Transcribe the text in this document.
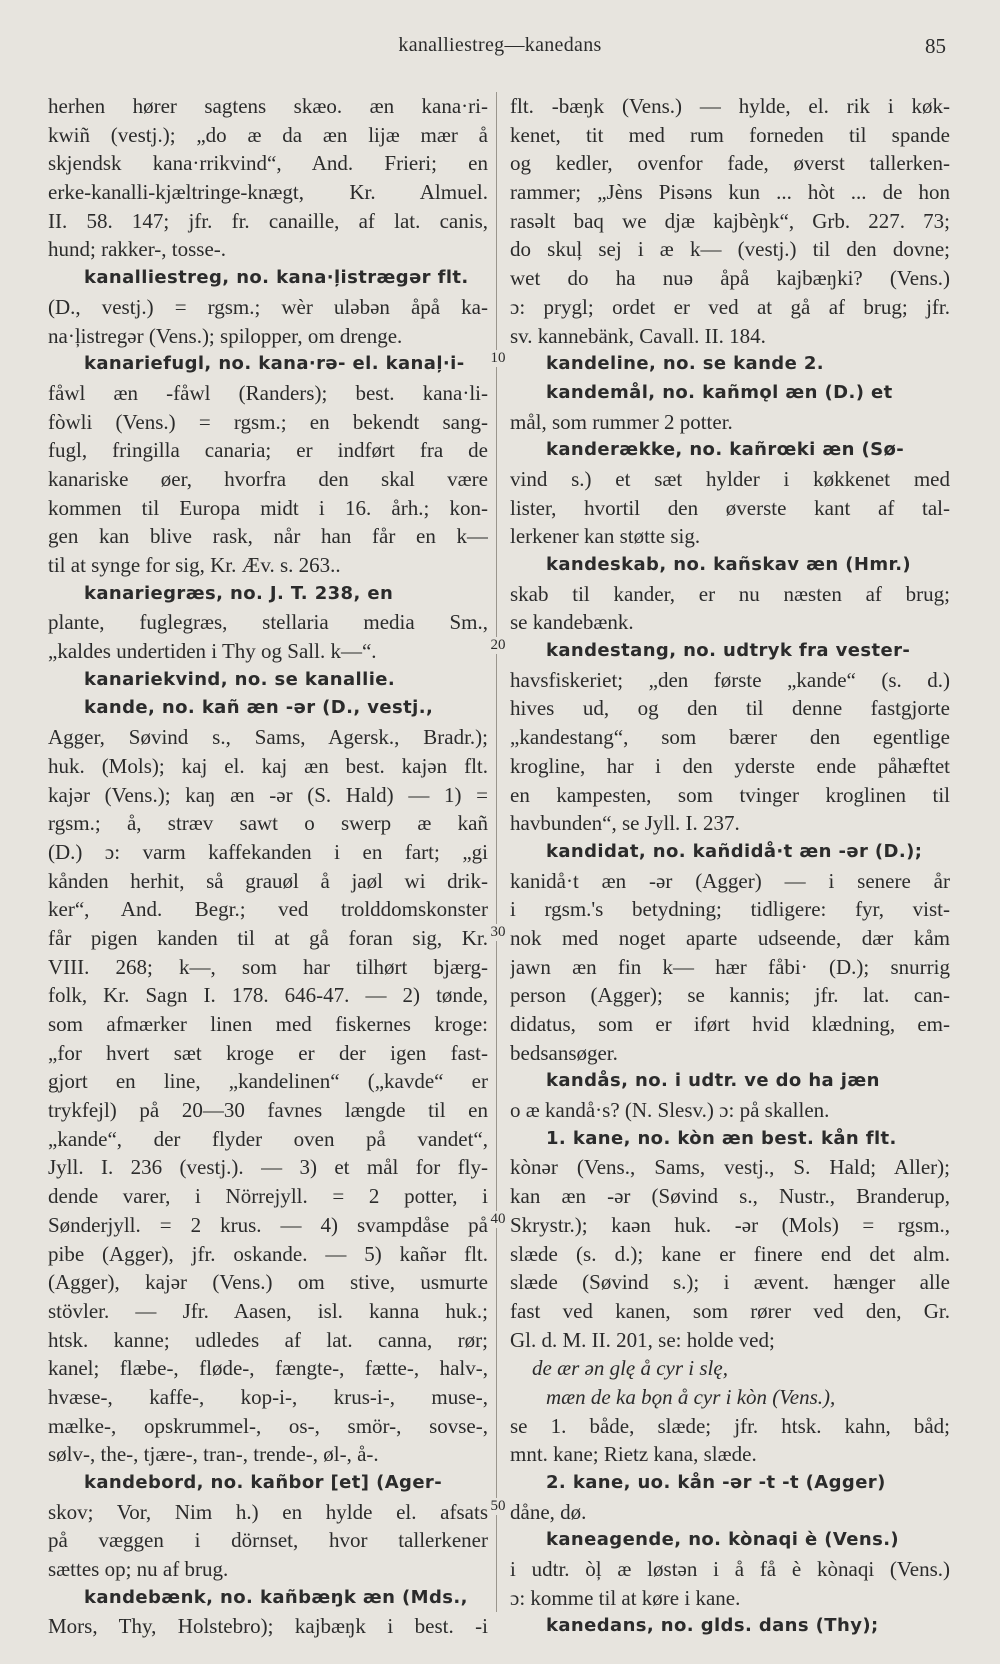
kanalliestreg—kanedans	85
10
20
30
40
50
herhen hører sagtens skæo. æn kana·ri-
kwiñ (vestj.); „do æ da æn lijæ mær å
skjendsk kana·rrikvind“, And. Frieri; en
erke-kanalli-kjæltringe-knægt, Kr. Almuel.
II. 58. 147; jfr. fr. canaille, af lat. canis,
hund; rakker-, tosse-.
kanalliestreg, no. kana·ļistrægər flt.
(D., vestj.) = rgsm.; wèr uləbən åpå ka-
na·ļistregər (Vens.); spilopper, om drenge.
kanariefugl, no. kana·rə- el. kanaļ·i-
fåwl æn -fåwl (Randers); best. kana·li-
fòwli (Vens.) = rgsm.; en bekendt sang-
fugl, fringilla canaria; er indført fra de
kanariske øer, hvorfra den skal være
kommen til Europa midt i 16. årh.; kon-
gen kan blive rask, når han får en k—
til at synge for sig, Kr. Æv. s. 263..
kanariegræs, no. J. T. 238, en
plante, fuglegræs, stellaria media Sm.,
„kaldes undertiden i Thy og Sall. k—“.
kanariekvind, no. se kanallie.
kande, no. kañ æn -ər (D., vestj.,
Agger, Søvind s., Sams, Agersk., Bradr.);
huk. (Mols); kaj el. kaj æn best. kajən flt.
kajər (Vens.); kaŋ æn -ər (S. Hald) — 1) =
rgsm.; å, stræv sawt o swerp æ kañ
(D.) ɔ: varm kaffekanden i en fart; „gi
kånden herhit, så grauøl å jaøl wi drik-
ker“, And. Begr.; ved trolddomskonster
får pigen kanden til at gå foran sig, Kr.
VIII. 268; k—, som har tilhørt bjærg-
folk, Kr. Sagn I. 178. 646-47. — 2) tønde,
som afmærker linen med fiskernes kroge:
„for hvert sæt kroge er der igen fast-
gjort en line, „kandelinen“ („kavde“ er
trykfejl) på 20—30 favnes længde til en
„kande“, der flyder oven på vandet“,
Jyll. I. 236 (vestj.). — 3) et mål for fly-
dende varer, i Nörrejyll. = 2 potter, i
Sønderjyll. = 2 krus. — 4) svampdåse på
pibe (Agger), jfr. oskande. — 5) kañər flt.
(Agger), kajər (Vens.) om stive, usmurte
stövler. — Jfr. Aasen, isl. kanna huk.;
htsk. kanne; udledes af lat. canna, rør;
kanel; flæbe-, fløde-, fængte-, fætte-, halv-,
hvæse-, kaffe-, kop-i-, krus-i-, muse-,
mælke-, opskrummel-, os-, smör-, sovse-,
sølv-, the-, tjære-, tran-, trende-, øl-, å-.
kandebord, no. kañbor [et] (Ager-
skov; Vor, Nim h.) en hylde el. afsats
på væggen i dörnset, hvor tallerkener
sættes op; nu af brug.
kandebænk, no. kañbæŋk æn (Mds.,
Mors, Thy, Holstebro); kajbæŋk i best. -i
flt. -bæŋk (Vens.) — hylde, el. rik i køk-
kenet, tit med rum forneden til spande
og kedler, ovenfor fade, øverst tallerken-
rammer; „Jèns Pisəns kun ... hòt ... de hon
rasəlt baq we djæ kajbèŋk“, Grb. 227. 73;
do skuļ sej i æ k— (vestj.) til den dovne;
wet do ha nuə åpå kajbæŋki? (Vens.)
ɔ: prygl; ordet er ved at gå af brug; jfr.
sv. kannebänk, Cavall. II. 184.
kandeline, no. se kande 2.
kandemål, no. kañmǫl æn (D.) et
mål, som rummer 2 potter.
kanderække, no. kañrœki æn (Sø-
vind s.) et sæt hylder i køkkenet med
lister, hvortil den øverste kant af tal-
lerkener kan støtte sig.
kandeskab, no. kañskav æn (Hmr.)
skab til kander, er nu næsten af brug;
se kandebænk.
kandestang, no. udtryk fra vester-
havsfiskeriet; „den første „kande“ (s. d.)
hives ud, og den til denne fastgjorte
„kandestang“, som bærer den egentlige
krogline, har i den yderste ende påhæftet
en kampesten, som tvinger kroglinen til
havbunden“, se Jyll. I. 237.
kandidat, no. kañdidå·t æn -ər (D.);
kanidå·t æn -ər (Agger) — i senere år
i rgsm.'s betydning; tidligere: fyr, vist-
nok med noget aparte udseende, dær kåm
jawn æn fin k— hær fåbi· (D.); snurrig
person (Agger); se kannis; jfr. lat. can-
didatus, som er iført hvid klædning, em-
bedsansøger.
kandås, no. i udtr. ve do ha jæn
o æ kandå·s? (N. Slesv.) ɔ: på skallen.
1. kane, no. kòn æn best. kån flt.
kònər (Vens., Sams, vestj., S. Hald; Aller);
kan æn -ər (Søvind s., Nustr., Branderup,
Skrystr.); kaən huk. -ər (Mols) = rgsm.,
slæde (s. d.); kane er finere end det alm.
slæde (Søvind s.); i ævent. hænger alle
fast ved kanen, som rører ved den, Gr.
Gl. d. M. II. 201, se: holde ved;
de ær ən glę å cyr i slę,
mæn de ka bǫn å cyr i kòn (Vens.),
se 1. både, slæde; jfr. htsk. kahn, båd;
mnt. kane; Rietz kana, slæde.
2. kane, uo. kån -ər -t -t (Agger)
dåne, dø.
kaneagende, no. kònaqi è (Vens.)
i udtr. òļ æ løstən i å få è kònaqi (Vens.)
ɔ: komme til at køre i kane.
kanedans, no. glds. dans (Thy);
